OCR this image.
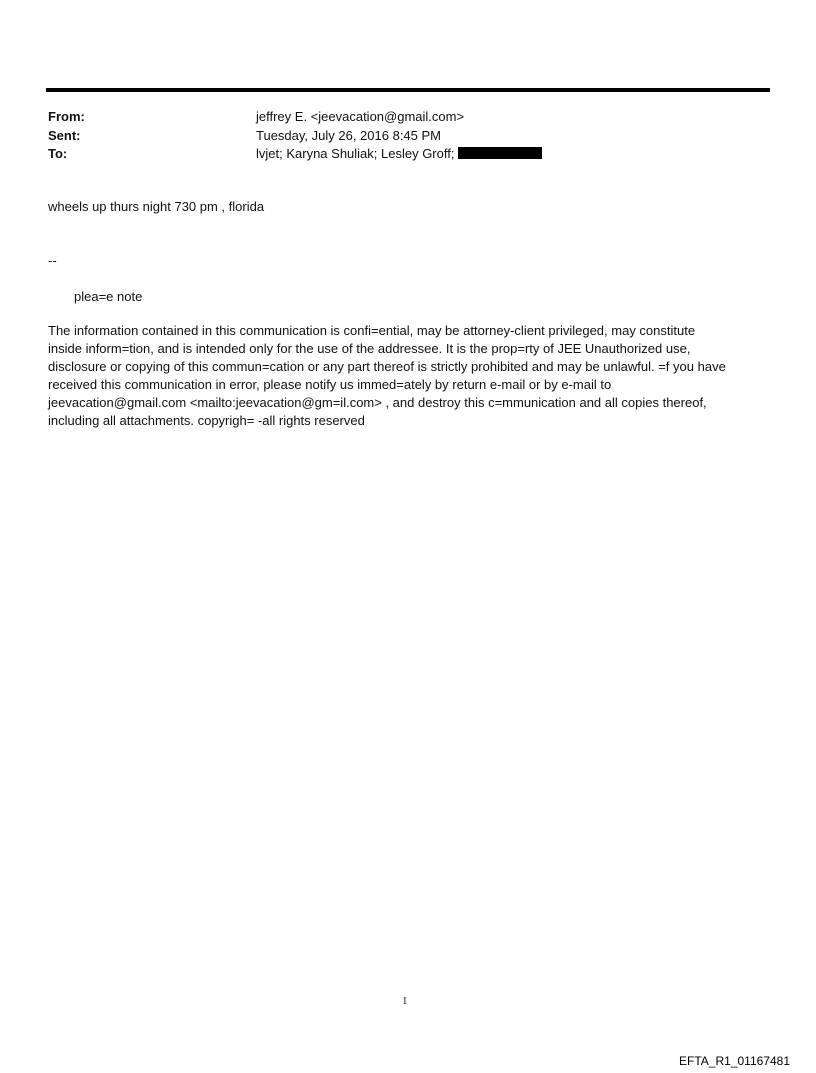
From:	jeffrey E. <jeevacation@gmail.com>
Sent:	Tuesday, July 26, 2016 8:45 PM
To:	lvjet; Karyna Shuliak; Lesley Groff;
wheels up thurs night 730 pm , florida
--
plea=e note
The information contained in this communication is confi=ential, may be attorney-client privileged, may constitute
inside inform=tion, and is intended only for the use of the addressee. It is the prop=rty of JEE Unauthorized use,
disclosure or copying of this commun=cation or any part thereof is strictly prohibited and may be unlawful. =f you have
received this communication in error, please notify us immed=ately by return e-mail or by e-mail to
jeevacation@gmail.com <mailto:jeevacation@gm=il.com> , and destroy this c=mmunication and all copies thereof,
including all attachments. copyrigh= -all rights reserved
1
EFTA_R1_01167481
